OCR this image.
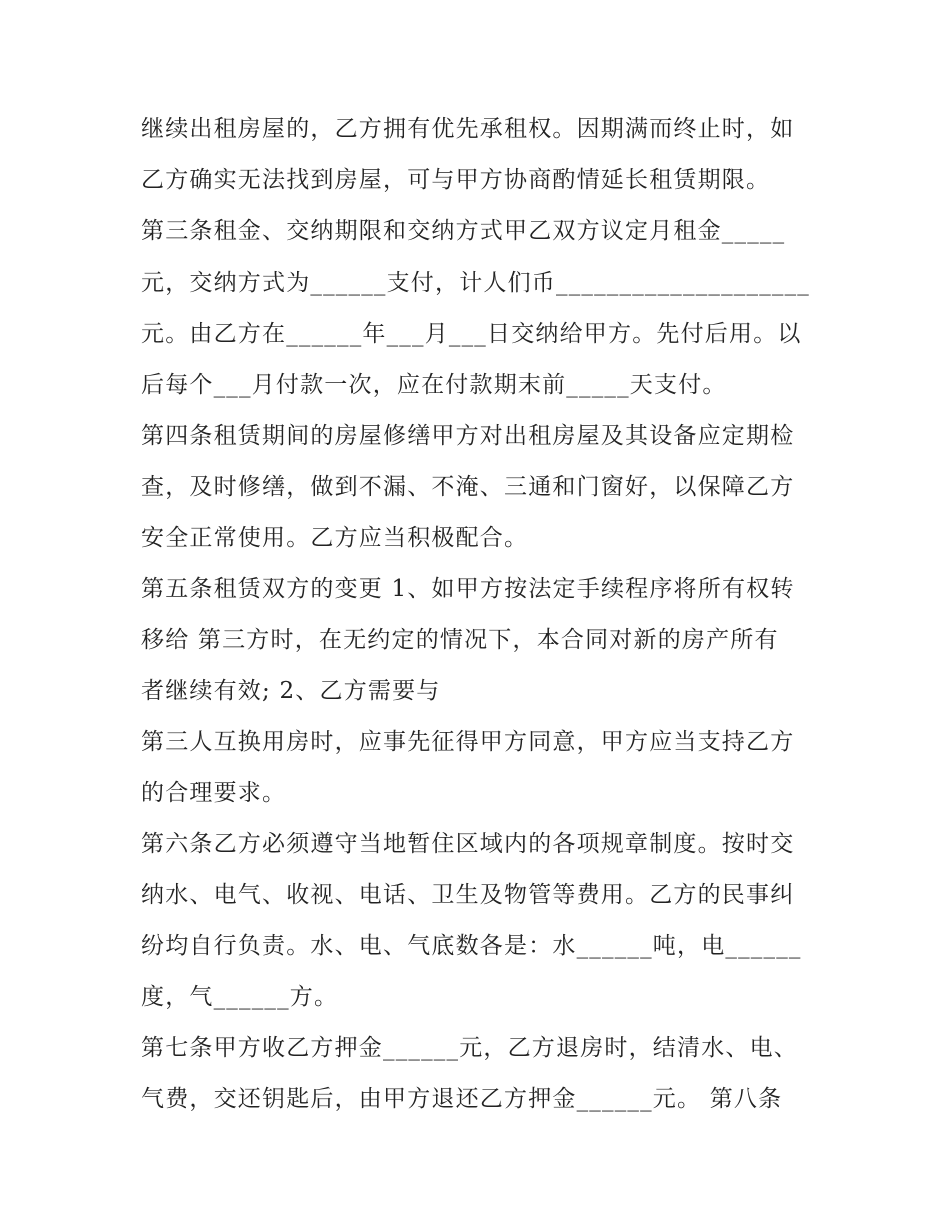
继续出租房屋的，乙方拥有优先承租权。因期满而终止时，如
乙方确实无法找到房屋，可与甲方协商酌情延长租赁期限。
第三条租金、交纳期限和交纳方式甲乙双方议定月租金_____
元，交纳方式为______支付，计人们币____________________
元。由乙方在______年___月___日交纳给甲方。先付后用。以
后每个___月付款一次，应在付款期末前_____天支付。
第四条租赁期间的房屋修缮甲方对出租房屋及其设备应定期检
查，及时修缮，做到不漏、不淹、三通和门窗好，以保障乙方
安全正常使用。乙方应当积极配合。
第五条租赁双方的变更 1、如甲方按法定手续程序将所有权转
移给 第三方时，在无约定的情况下，本合同对新的房产所有
者继续有效; 2、乙方需要与
第三人互换用房时，应事先征得甲方同意，甲方应当支持乙方
的合理要求。
第六条乙方必须遵守当地暂住区域内的各项规章制度。按时交
纳水、电气、收视、电话、卫生及物管等费用。乙方的民事纠
纷均自行负责。水、电、气底数各是：水______吨，电______
度，气______方。
第七条甲方收乙方押金______元，乙方退房时，结清水、电、
气费，交还钥匙后，由甲方退还乙方押金______元。 第八条
